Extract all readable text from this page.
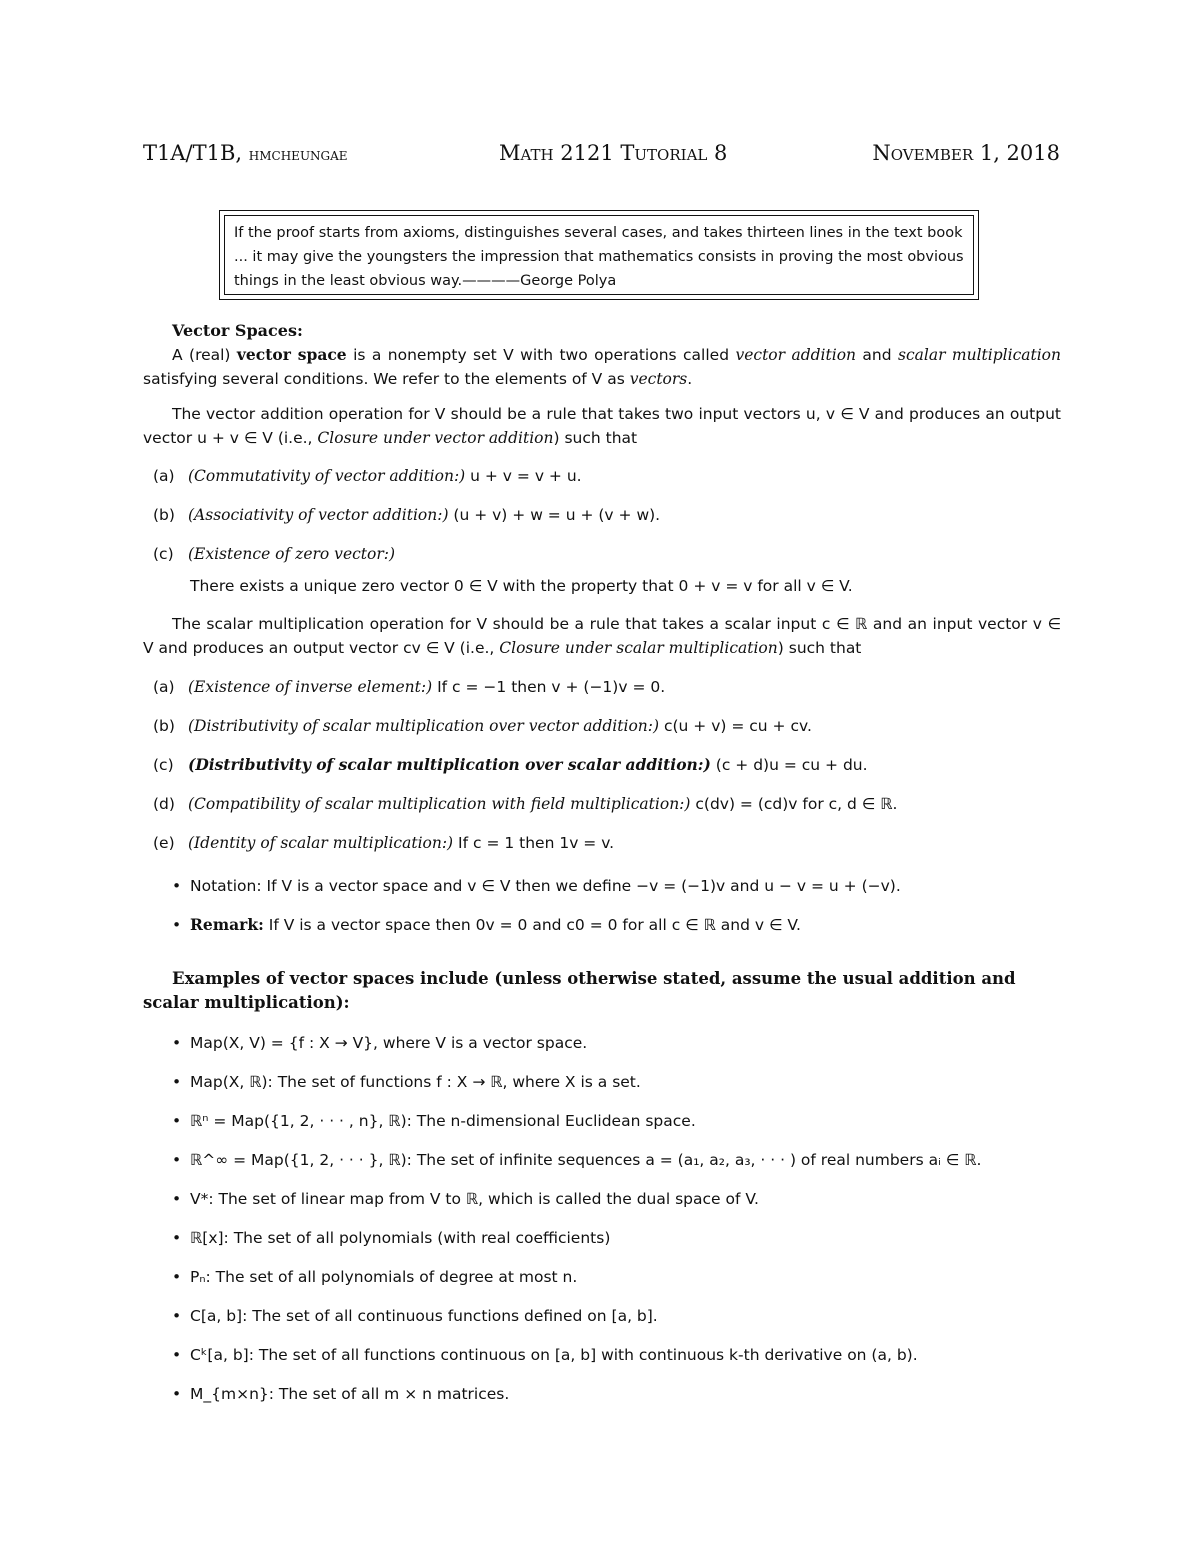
T1A/T1B, hmcheungae	Math 2121 Tutorial 8	November 1, 2018
If the proof starts from axioms, distinguishes several cases, and takes thirteen lines in the text book ... it may give the youngsters the impression that mathematics consists in proving the most obvious things in the least obvious way.————George Polya
Vector Spaces:
A (real) vector space is a nonempty set V with two operations called vector addition and scalar multiplication satisfying several conditions. We refer to the elements of V as vectors.
The vector addition operation for V should be a rule that takes two input vectors u, v ∈ V and produces an output vector u + v ∈ V (i.e., Closure under vector addition) such that
(a) (Commutativity of vector addition:) u + v = v + u.
(b) (Associativity of vector addition:) (u + v) + w = u + (v + w).
(c) (Existence of zero vector:)
There exists a unique zero vector 0 ∈ V with the property that 0 + v = v for all v ∈ V.
The scalar multiplication operation for V should be a rule that takes a scalar input c ∈ ℝ and an input vector v ∈ V and produces an output vector cv ∈ V (i.e., Closure under scalar multiplication) such that
(a) (Existence of inverse element:) If c = −1 then v + (−1)v = 0.
(b) (Distributivity of scalar multiplication over vector addition:) c(u + v) = cu + cv.
(c) (Distributivity of scalar multiplication over scalar addition:) (c + d)u = cu + du.
(d) (Compatibility of scalar multiplication with field multiplication:) c(dv) = (cd)v for c, d ∈ ℝ.
(e) (Identity of scalar multiplication:) If c = 1 then 1v = v.
• Notation: If V is a vector space and v ∈ V then we define −v = (−1)v and u − v = u + (−v).
• Remark: If V is a vector space then 0v = 0 and c0 = 0 for all c ∈ ℝ and v ∈ V.
Examples of vector spaces include (unless otherwise stated, assume the usual addition and scalar multiplication):
• Map(X, V) = {f : X → V}, where V is a vector space.
• Map(X, ℝ): The set of functions f : X → ℝ, where X is a set.
• ℝⁿ = Map({1, 2, · · · , n}, ℝ): The n-dimensional Euclidean space.
• ℝ^∞ = Map({1, 2, · · · }, ℝ): The set of infinite sequences a = (a₁, a₂, a₃, · · · ) of real numbers aᵢ ∈ ℝ.
• V*: The set of linear map from V to ℝ, which is called the dual space of V.
• ℝ[x]: The set of all polynomials (with real coefficients)
• Pₙ: The set of all polynomials of degree at most n.
• C[a, b]: The set of all continuous functions defined on [a, b].
• Cᵏ[a, b]: The set of all functions continuous on [a, b] with continuous k-th derivative on (a, b).
• M_{m×n}: The set of all m × n matrices.
